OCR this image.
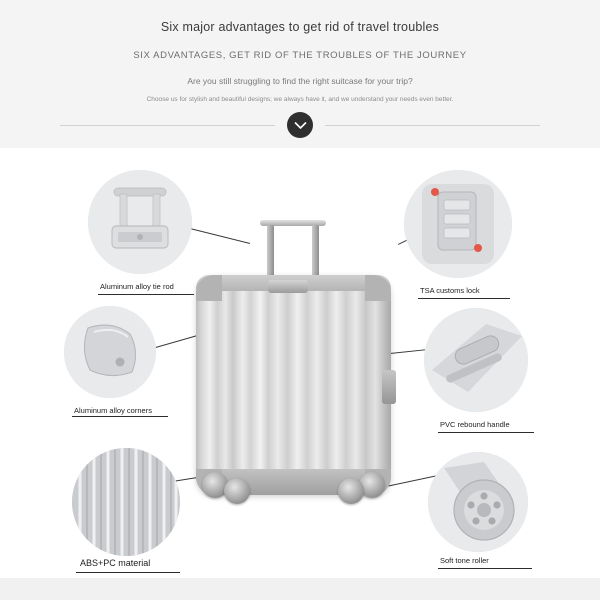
Six major advantages to get rid of travel troubles
SIX ADVANTAGES, GET RID OF THE TROUBLES OF THE JOURNEY
Are you still struggling to find the right suitcase for your trip?
Choose us for stylish and beautiful designs; we always have it, and we understand your needs even better.
Aluminum alloy tie rod	TSA customs lock
Aluminum alloy corners
PVC rebound handle
ABS+PC material	Soft tone roller
